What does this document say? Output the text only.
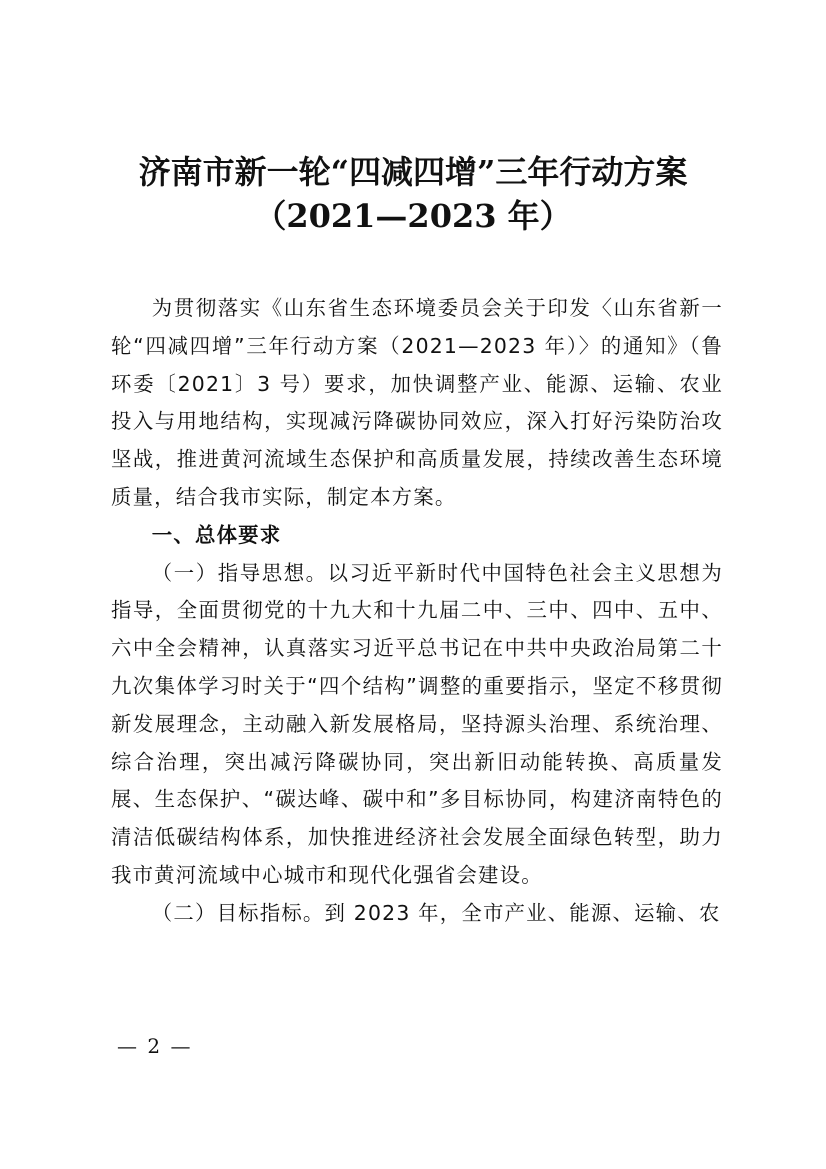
济南市新一轮“四减四增”三年行动方案
（2021—2023 年）

为贯彻落实《山东省生态环境委员会关于印发〈山东省新一轮“四减四增”三年行动方案（2021—2023 年）〉的通知》（鲁环委〔2021〕3 号）要求，加快调整产业、能源、运输、农业投入与用地结构，实现减污降碳协同效应，深入打好污染防治攻坚战，推进黄河流域生态保护和高质量发展，持续改善生态环境质量，结合我市实际，制定本方案。

一、总体要求

（一）指导思想。以习近平新时代中国特色社会主义思想为指导，全面贯彻党的十九大和十九届二中、三中、四中、五中、六中全会精神，认真落实习近平总书记在中共中央政治局第二十九次集体学习时关于“四个结构”调整的重要指示，坚定不移贯彻新发展理念，主动融入新发展格局，坚持源头治理、系统治理、综合治理，突出减污降碳协同，突出新旧动能转换、高质量发展、生态保护、“碳达峰、碳中和”多目标协同，构建济南特色的清洁低碳结构体系，加快推进经济社会发展全面绿色转型，助力我市黄河流域中心城市和现代化强省会建设。

（二）目标指标。到 2023 年，全市产业、能源、运输、农

— 2 —
